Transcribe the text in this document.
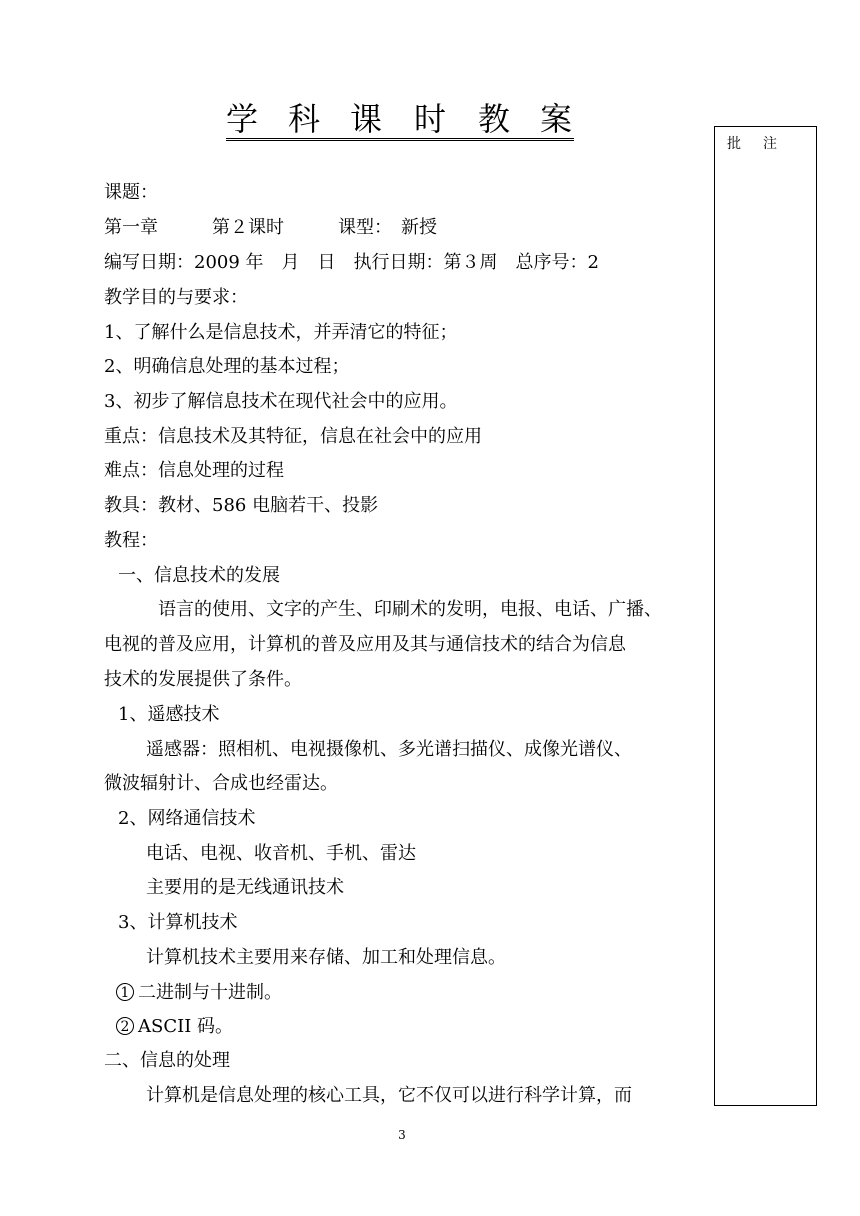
学 科 课 时 教 案
批注
课题：
第一章　　　第２课时　　　课型：　新授
编写日期：2009 年　月　日　执行日期：第３周　总序号：2
教学目的与要求：
1、了解什么是信息技术，并弄清它的特征；
2、明确信息处理的基本过程；
3、初步了解信息技术在现代社会中的应用。
重点：信息技术及其特征，信息在社会中的应用
难点：信息处理的过程
教具：教材、586 电脑若干、投影
教程：
一、信息技术的发展
语言的使用、文字的产生、印刷术的发明，电报、电话、广播、
电视的普及应用，计算机的普及应用及其与通信技术的结合为信息
技术的发展提供了条件。
1、遥感技术
遥感器：照相机、电视摄像机、多光谱扫描仪、成像光谱仪、
微波辐射计、合成也经雷达。
2、网络通信技术
电话、电视、收音机、手机、雷达
主要用的是无线通讯技术
3、计算机技术
计算机技术主要用来存储、加工和处理信息。
1 二进制与十进制。
2 ASCII 码。
二、信息的处理
计算机是信息处理的核心工具，它不仅可以进行科学计算，而
3
